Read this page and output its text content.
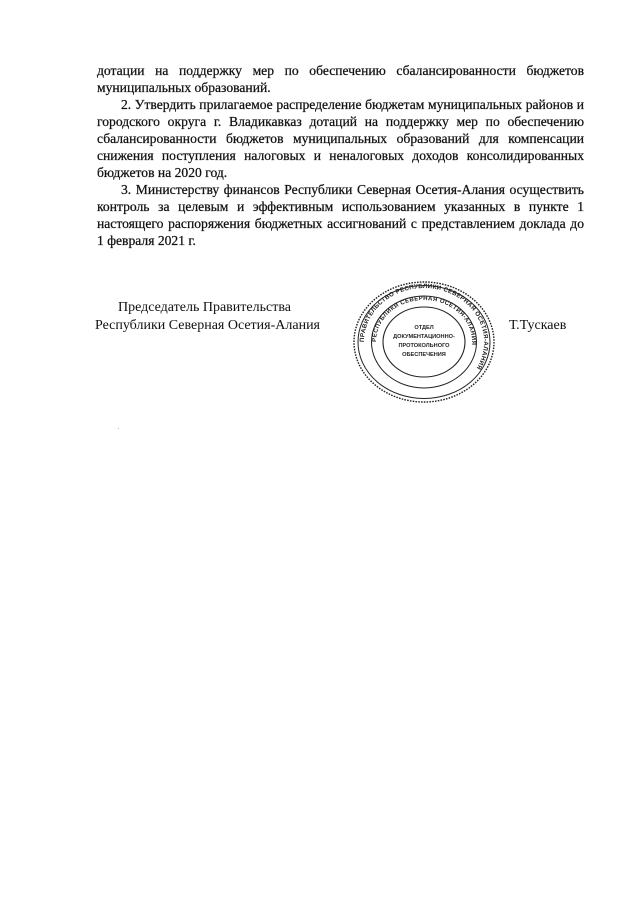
дотации на поддержку мер по обеспечению сбалансированности бюджетов муниципальных образований.

2. Утвердить прилагаемое распределение бюджетам муниципальных районов и городского округа г. Владикавказ дотаций на поддержку мер по обеспечению сбалансированности бюджетов муниципальных образований для компенсации снижения поступления налоговых и неналоговых доходов консолидированных бюджетов на 2020 год.

3. Министерству финансов Республики Северная Осетия-Алания осуществить контроль за целевым и эффективным использованием указанных в пункте 1 настоящего распоряжения бюджетных ассигнований с представлением доклада до 1 февраля 2021 г.

Председатель Правительства
Республики Северная Осетия-Алания
ПРАВИТЕЛЬСТВО РЕСПУБЛИКИ СЕВЕРНАЯ ОСЕТИЯ-АЛАНИЯ
РЕСПУБЛИКИ СЕВЕРНАЯ ОСЕТИЯ-АЛАНИЯ
ОТДЕЛ
ДОКУМЕНТАЦИОННО-
ПРОТОКОЛЬНОГО
ОБЕСПЕЧЕНИЯ
Т.Тускаев
